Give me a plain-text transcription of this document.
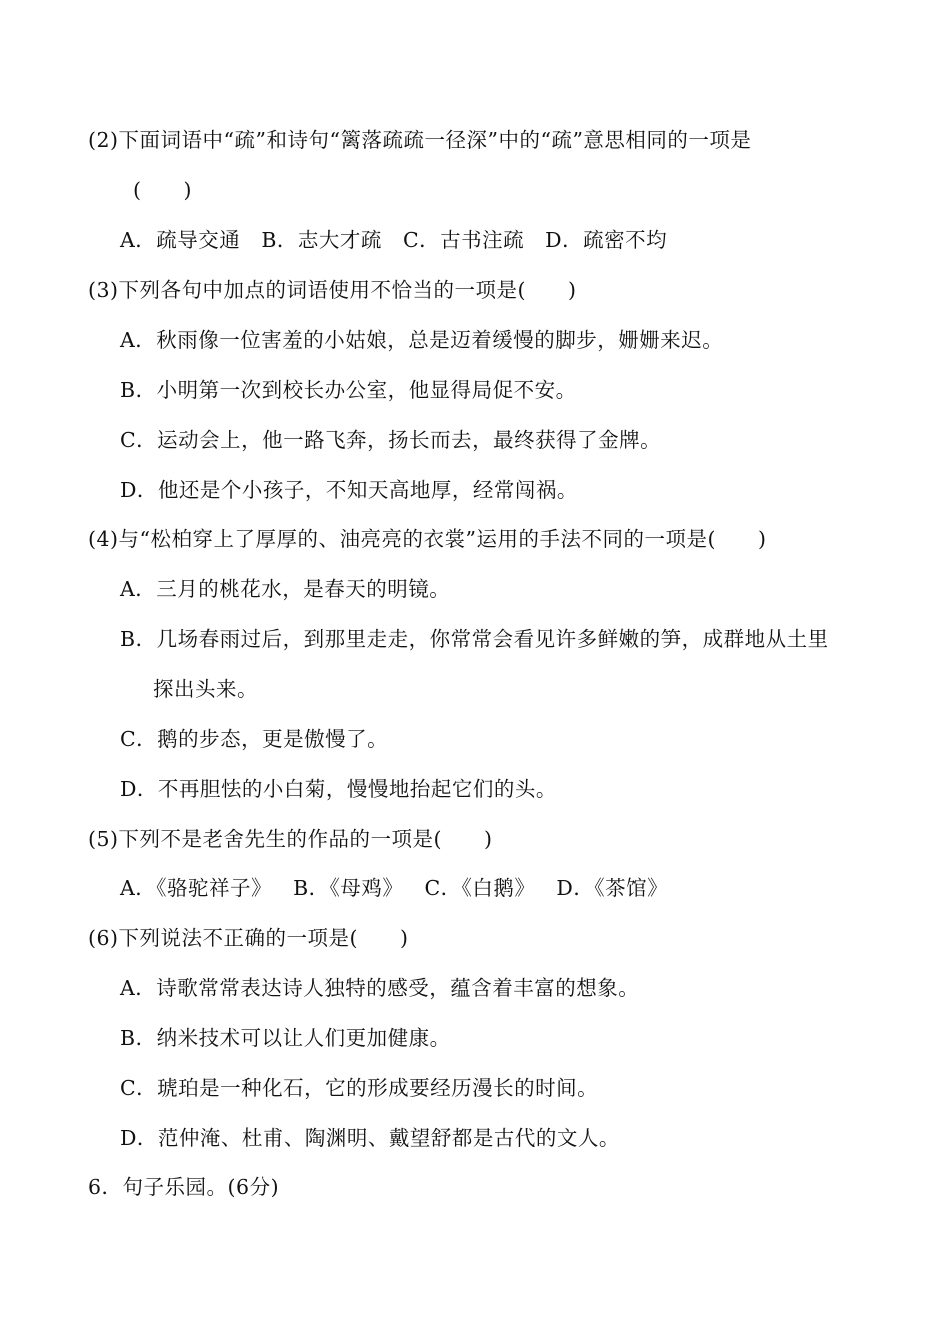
(2)下面词语中“疏”和诗句“篱落疏疏一径深”中的“疏”意思相同的一项是
(　　)
A．疏导交通 B．志大才疏 C．古书注疏 D．疏密不均
(3)下列各句中加点的词语使用不恰当的一项是(　　)
A．秋雨像一位害羞的小姑娘，总是迈着缓慢的脚步，姗姗来迟。
B．小明第一次到校长办公室，他显得局促不安。
C．运动会上，他一路飞奔，扬长而去，最终获得了金牌。
D．他还是个小孩子，不知天高地厚，经常闯祸。
(4)与“松柏穿上了厚厚的、油亮亮的衣裳”运用的手法不同的一项是(　　)
A．三月的桃花水，是春天的明镜。
B．几场春雨过后，到那里走走，你常常会看见许多鲜嫩的笋，成群地从土里
探出头来。
C．鹅的步态，更是傲慢了。
D．不再胆怯的小白菊，慢慢地抬起它们的头。
(5)下列不是老舍先生的作品的一项是(　　)
A．《骆驼祥子》 B．《母鸡》 C．《白鹅》 D．《茶馆》
(6)下列说法不正确的一项是(　　)
A．诗歌常常表达诗人独特的感受，蕴含着丰富的想象。
B．纳米技术可以让人们更加健康。
C．琥珀是一种化石，它的形成要经历漫长的时间。
D．范仲淹、杜甫、陶渊明、戴望舒都是古代的文人。
6．句子乐园。(6分)
